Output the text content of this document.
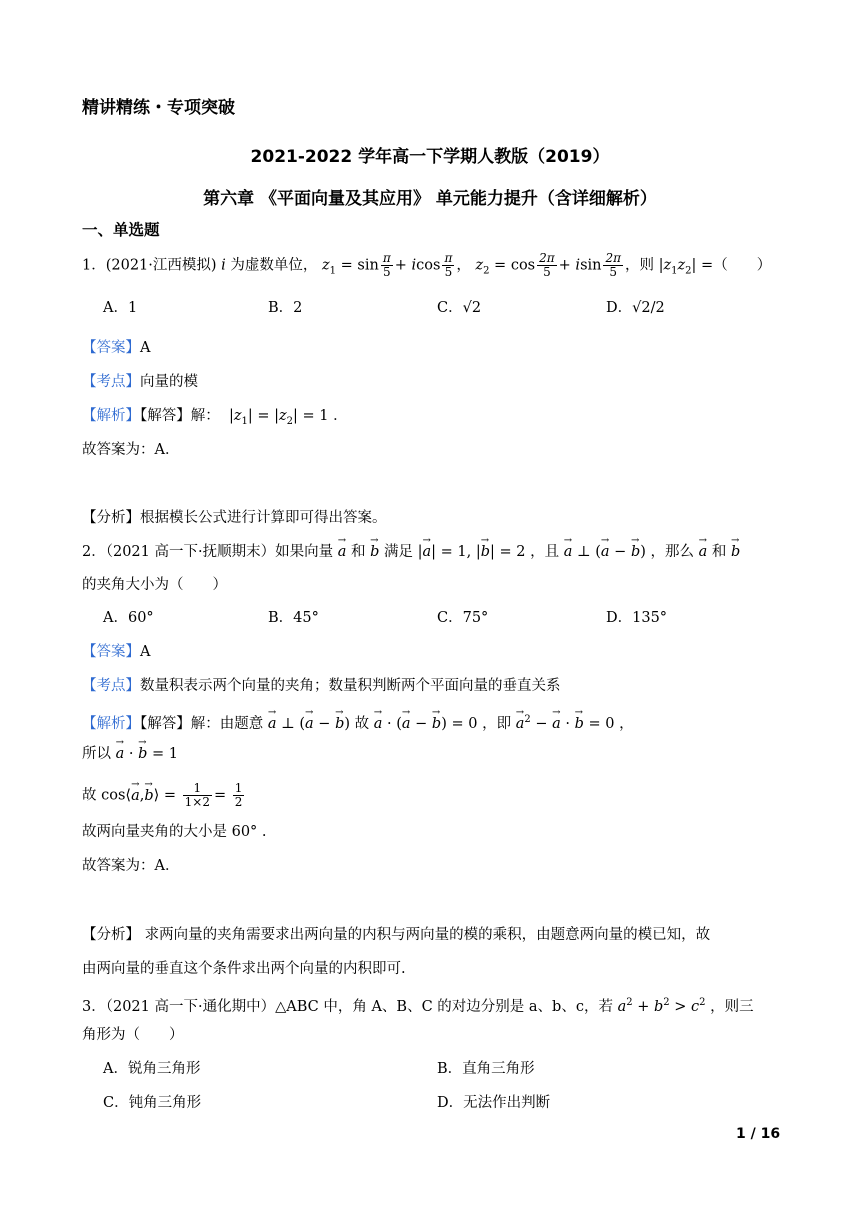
精讲精练・专项突破
2021-2022 学年高一下学期人教版（2019）
第六章 《平面向量及其应用》 单元能力提升（含详细解析）
一、单选题
1．(2021·江西模拟) i 为虚数单位， $z_1 = \sin \frac{\pi}{5} + icos \frac{\pi}{5}$ ， $z_2 = \cos \frac{2\pi}{5} + isin \frac{2\pi}{5}$ ，则 $|z_1z_2|$ =（　　）
A．1	B．2	C．√2	D．√2/2
【答案】A
【考点】向量的模
【解析】【解答】解：  $|z_1| = |z_2| = 1$ ．
故答案为：A．
【分析】根据模长公式进行计算即可得出答案。
2．（2021 高一下·抚顺期末）如果向量 → a 和 → b 满足 |→ a| = 1, |→ b| = 2 ，且 → a ⊥ (→ a − → b) ，那么 → a 和 → b
的夹角大小为（　　）
A．60°	B．45°	C．75°	D．135°
【答案】A
【考点】数量积表示两个向量的夹角；数量积判断两个平面向量的垂直关系
【解析】【解答】解：由题意 → a ⊥ (→ a − → b) 故 → a · (→ a − → b) = 0 ，即 → $a^2$ − → a · → b = 0 ，
所以 → a · → b = 1
故 cos⟨→ a,→ b⟩ = $\frac{1}{1\times 2} = \frac{1}{2}$
故两向量夹角的大小是 60° .
故答案为：A．
【分析】 求两向量的夹角需要求出两向量的内积与两向量的模的乘积，由题意两向量的模已知，故
由两向量的垂直这个条件求出两个向量的内积即可.
3．（2021 高一下·通化期中）△ABC 中，角 A、B、C 的对边分别是 a、b、c，若 $a^2 + b^2 > c^2$ ，则三
角形为（　　）
A．锐角三角形	B．直角三角形
C．钝角三角形	D．无法作出判断
1 / 16
